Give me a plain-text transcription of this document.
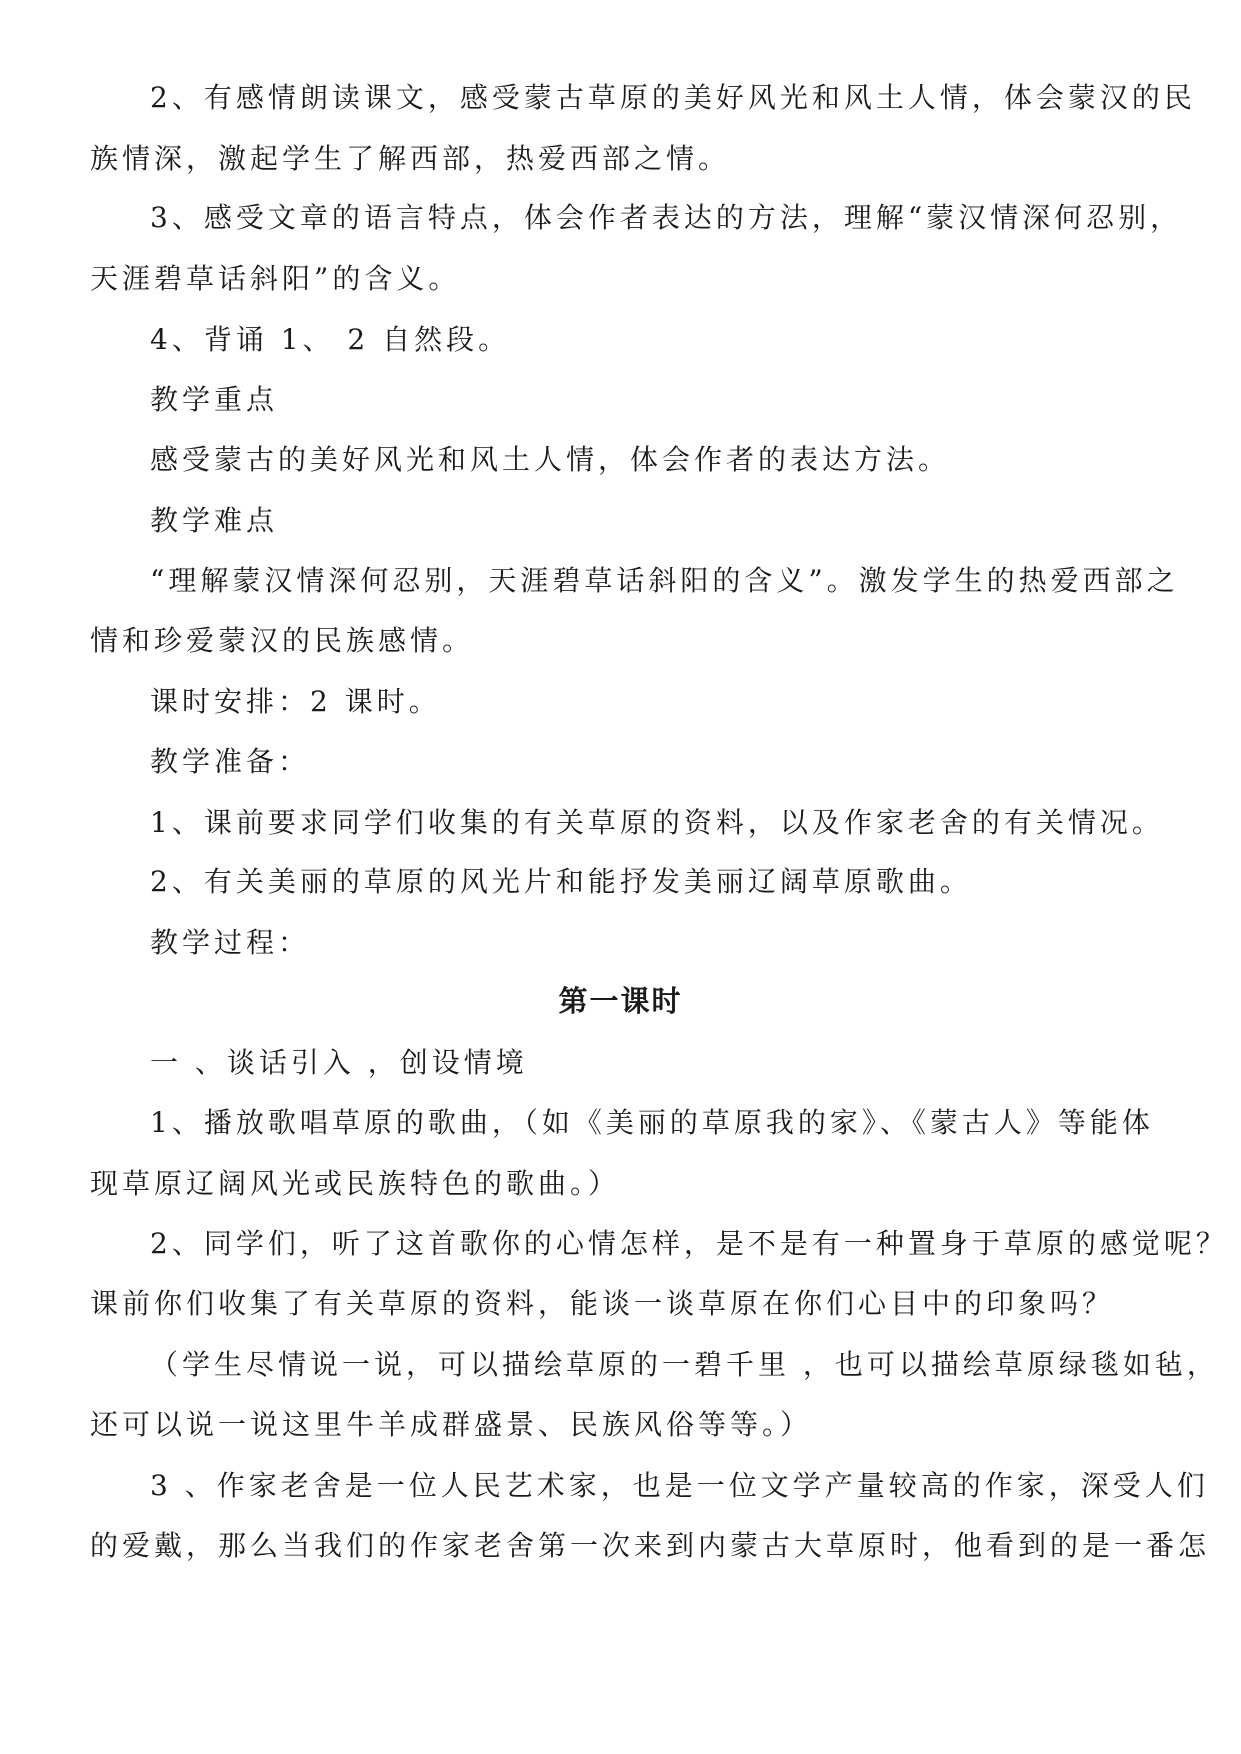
2、有感情朗读课文，感受蒙古草原的美好风光和风土人情，体会蒙汉的民
族情深，激起学生了解西部，热爱西部之情。
3、感受文章的语言特点，体会作者表达的方法，理解“蒙汉情深何忍别，
天涯碧草话斜阳”的含义。
4、背诵 1、 2 自然段。
教学重点
感受蒙古的美好风光和风土人情，体会作者的表达方法。
教学难点
“理解蒙汉情深何忍别，天涯碧草话斜阳的含义”。激发学生的热爱西部之
情和珍爱蒙汉的民族感情。
课时安排：2 课时。
教学准备：
1、课前要求同学们收集的有关草原的资料，以及作家老舍的有关情况。
2、有关美丽的草原的风光片和能抒发美丽辽阔草原歌曲。
教学过程：
第一课时
一 、谈话引入 ，创设情境
1、播放歌唱草原的歌曲，（如《美丽的草原我的家》、《蒙古人》等能体
现草原辽阔风光或民族特色的歌曲。）
2、同学们，听了这首歌你的心情怎样，是不是有一种置身于草原的感觉呢？
课前你们收集了有关草原的资料，能谈一谈草原在你们心目中的印象吗？
（学生尽情说一说，可以描绘草原的一碧千里 ，也可以描绘草原绿毯如毡，
还可以说一说这里牛羊成群盛景、民族风俗等等。）
3 、作家老舍是一位人民艺术家，也是一位文学产量较高的作家，深受人们
的爱戴，那么当我们的作家老舍第一次来到内蒙古大草原时，他看到的是一番怎
